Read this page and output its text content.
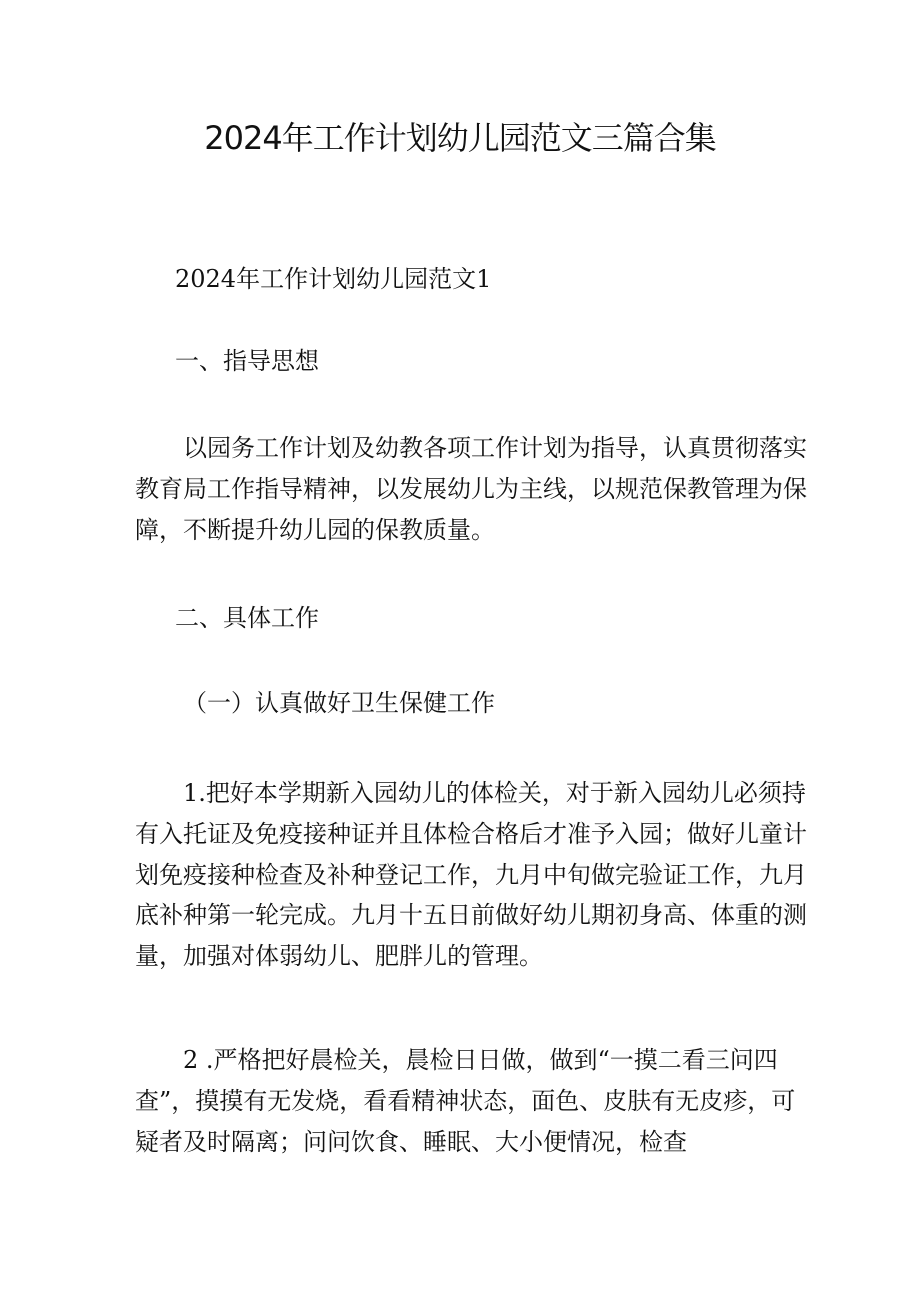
2024年工作计划幼儿园范文三篇合集
2024年工作计划幼儿园范文1
一、指导思想
以园务工作计划及幼教各项工作计划为指导，认真贯彻落实
教育局工作指导精神，以发展幼儿为主线，以规范保教管理为保
障，不断提升幼儿园的保教质量。
二、具体工作
（一）认真做好卫生保健工作
1.把好本学期新入园幼儿的体检关，对于新入园幼儿必须持
有入托证及免疫接种证并且体检合格后才准予入园；做好儿童计
划免疫接种检查及补种登记工作，九月中旬做完验证工作，九月
底补种第一轮完成。九月十五日前做好幼儿期初身高、体重的测
量，加强对体弱幼儿、肥胖儿的管理。
2 .严格把好晨检关，晨检日日做，做到“一摸二看三问四
查”，摸摸有无发烧，看看精神状态，面色、皮肤有无皮疹，可
疑者及时隔离；问问饮食、睡眠、大小便情况，检查
